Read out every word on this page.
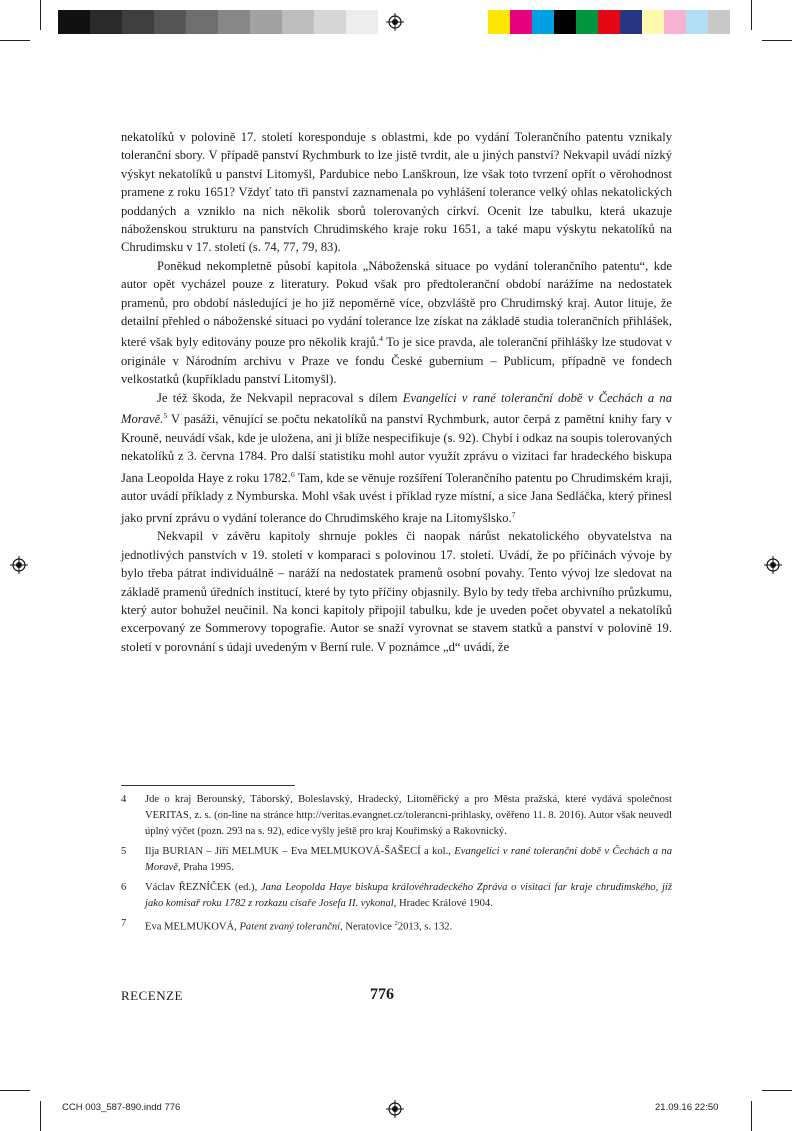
nekatolíků v polovině 17. století koresponduje s oblastmi, kde po vydání Tolerančního patentu vznikaly toleranční sbory. V případě panství Rychmburk to lze jistě tvrdit, ale u jiných panství? Nekvapil uvádí nízký výskyt nekatolíků u panství Litomyšl, Pardubice nebo Lanškroun, lze však toto tvrzení opřít o věrohodnost pramene z roku 1651? Vždyť tato tři panství zaznamenala po vyhlášení tolerance velký ohlas nekatolických poddaných a vzniklo na nich několik sborů tolerovaných církví. Ocenit lze tabulku, která ukazuje náboženskou strukturu na panstvích Chrudimského kraje roku 1651, a také mapu výskytu nekatolíků na Chrudimsku v 17. století (s. 74, 77, 79, 83).

Poněkud nekompletně působí kapitola „Náboženská situace po vydání tolerančního patentu“, kde autor opět vycházel pouze z literatury. Pokud však pro předtoleranční období narážíme na nedostatek pramenů, pro období následující je ho již nepoměrně více, obzvláště pro Chrudimský kraj. Autor lituje, že detailní přehled o náboženské situaci po vydání tolerance lze získat na základě studia tolerančních přihlášek, které však byly editovány pouze pro několik krajů.$^4$ To je sice pravda, ale toleranční přihlášky lze studovat v originále v Národním archivu v Praze ve fondu České gubernium – Publicum, případně ve fondech velkostatků (kupříkladu panství Litomyšl).

Je též škoda, že Nekvapil nepracoval s dílem Evangelíci v rané toleranční době v Čechách a na Moravě.$^5$ V pasáži, věnující se počtu nekatolíků na panství Rychmburk, autor čerpá z pamětní knihy fary v Krouně, neuvádí však, kde je uložena, ani ji blíže nespecifikuje (s. 92). Chybí i odkaz na soupis tolerovaných nekatolíků z 3. června 1784. Pro další statistiku mohl autor využít zprávu o vizitaci far hradeckého biskupa Jana Leopolda Haye z roku 1782.$^6$ Tam, kde se věnuje rozšíření Tolerančního patentu po Chrudimském kraji, autor uvádí příklady z Nymburska. Mohl však uvést i příklad ryze místní, a sice Jana Sedláčka, který přinesl jako první zprávu o vydání tolerance do Chrudimského kraje na Litomyšlsko.$^7$

Nekvapil v závěru kapitoly shrnuje pokles či naopak nárůst nekatolického obyvatelstva na jednotlivých panstvích v 19. století v komparaci s polovinou 17. století. Uvádí, že po příčinách vývoje by bylo třeba pátrat individuálně – naráží na nedostatek pramenů osobní povahy. Tento vývoj lze sledovat na základě pramenů úředních institucí, které by tyto příčiny objasnily. Bylo by tedy třeba archivního průzkumu, který autor bohužel neučinil. Na konci kapitoly připojil tabulku, kde je uveden počet obyvatel a nekatolíků excerpovaný ze Sommerovy topografie. Autor se snaží vyrovnat se stavem statků a panství v polovině 19. století v porovnání s údaji uvedeným v Berní rule. V poznámce „d“ uvádí, že

4	Jde o kraj Berounský, Táborský, Boleslavský, Hradecký, Litoměřický a pro Města pražská, které vydává společnost VERITAS, z. s. (on-line na stránce http://veritas.evangnet.cz/tolerancni-prihlasky, ověřeno 11. 8. 2016). Autor však neuvedl úplný výčet (pozn. 293 na s. 92), edice vyšly ještě pro kraj Kouřimský a Rakovnický.
5	Ilja BURIAN – Jiří MELMUK – Eva MELMUKOVÁ-ŠAŠECÍ a kol., Evangelíci v rané toleranční době v Čechách a na Moravě, Praha 1995.
6	Václav ŘEZNÍČEK (ed.), Jana Leopolda Haye biskupa královéhradeckého Zpráva o visitaci far kraje chrudimského, jíž jako komisař roku 1782 z rozkazu císaře Josefa II. vykonal, Hradec Králové 1904.
7	Eva MELMUKOVÁ, Patent zvaný toleranční, Neratovice $^2$2013, s. 132.
RECENZE	776
CCH 003_587-890.indd 776	21.09.16 22:50
